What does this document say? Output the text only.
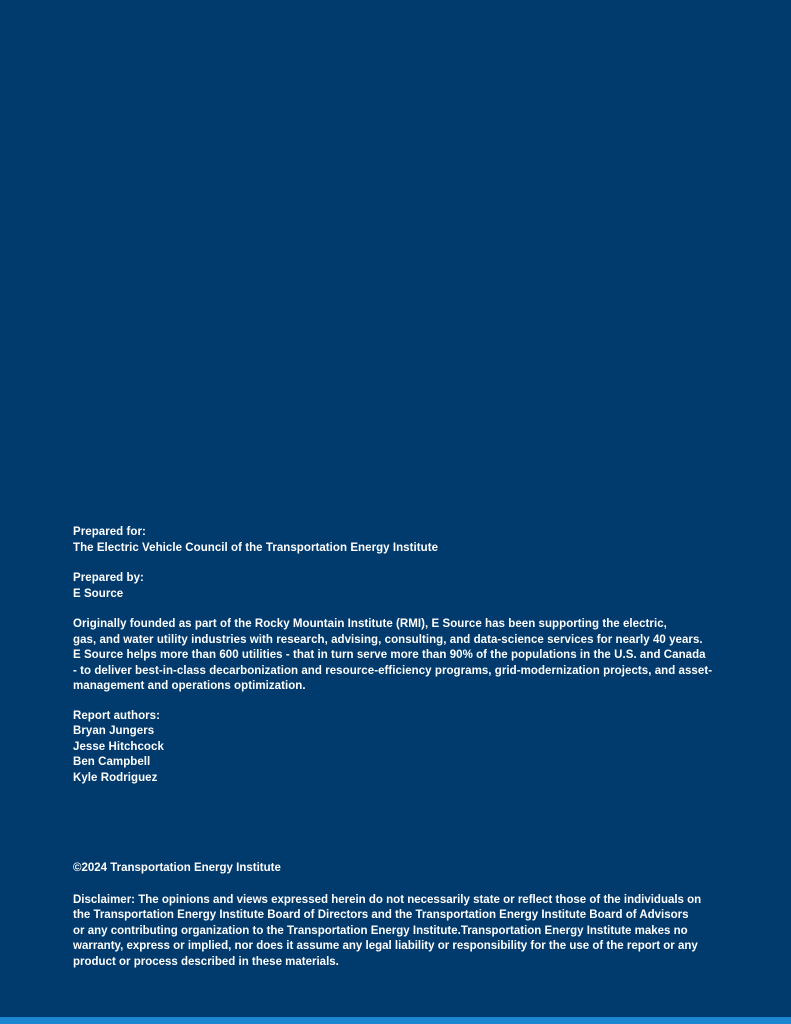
Prepared for:
The Electric Vehicle Council of the Transportation Energy Institute
Prepared by:
E Source
Originally founded as part of the Rocky Mountain Institute (RMI), E Source has been supporting the electric,
gas, and water utility industries with research, advising, consulting, and data-science services for nearly 40 years.
E Source helps more than 600 utilities - that in turn serve more than 90% of the populations in the U.S. and Canada
- to deliver best-in-class decarbonization and resource-efficiency programs, grid-modernization projects, and asset-
management and operations optimization.
Report authors:
Bryan Jungers
Jesse Hitchcock
Ben Campbell
Kyle Rodriguez
©2024 Transportation Energy Institute
Disclaimer: The opinions and views expressed herein do not necessarily state or reflect those of the individuals on
the Transportation Energy Institute Board of Directors and the Transportation Energy Institute Board of Advisors
or any contributing organization to the Transportation Energy Institute.Transportation Energy Institute makes no
warranty, express or implied, nor does it assume any legal liability or responsibility for the use of the report or any
product or process described in these materials.
